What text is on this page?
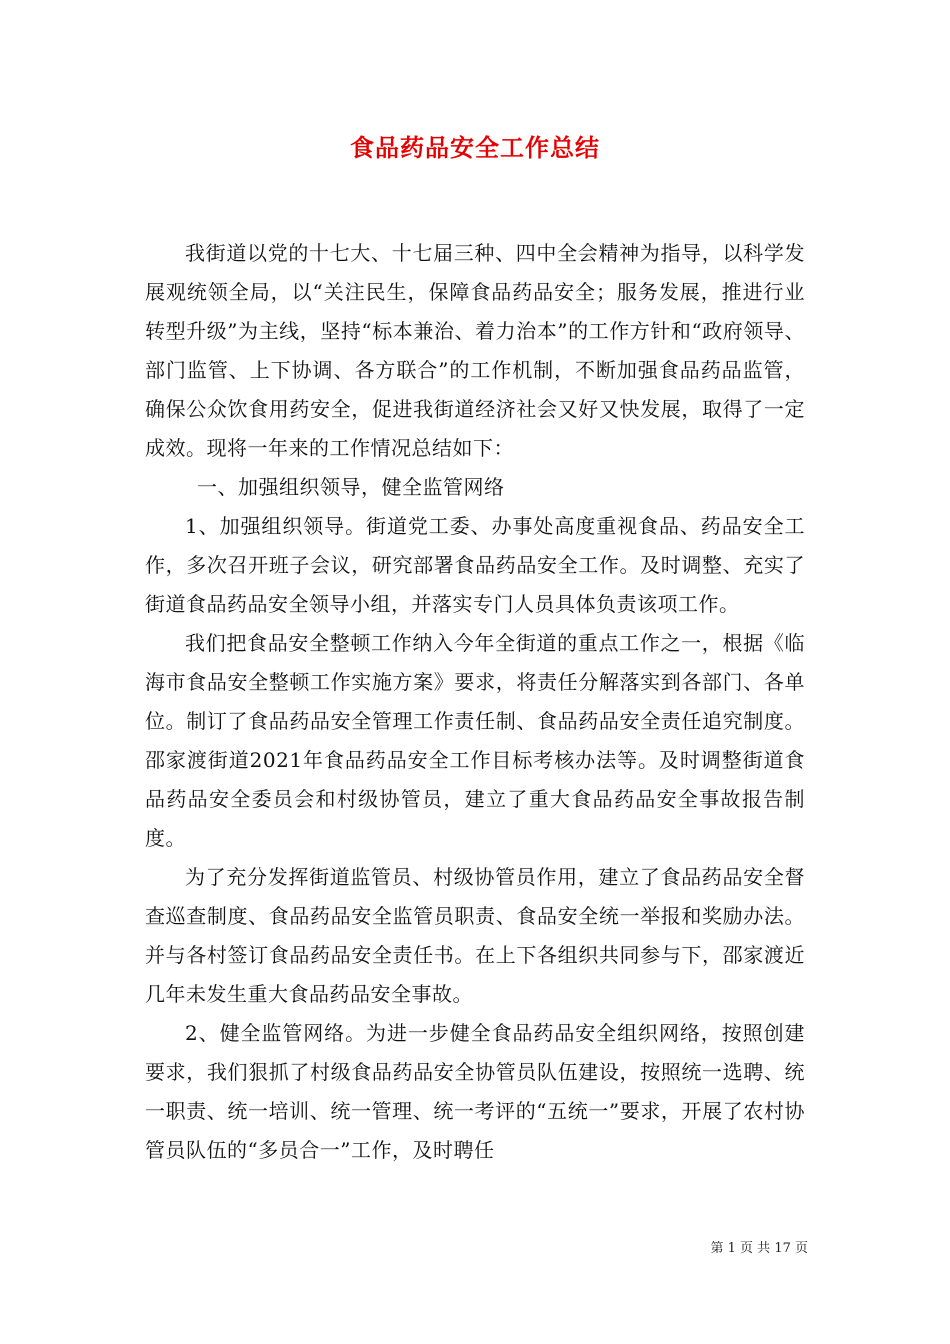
食品药品安全工作总结

我街道以党的十七大、十七届三种、四中全会精神为指导，以科学发展观统领全局，以“关注民生，保障食品药品安全；服务发展，推进行业转型升级”为主线，坚持“标本兼治、着力治本”的工作方针和“政府领导、部门监管、上下协调、各方联合”的工作机制，不断加强食品药品监管，确保公众饮食用药安全，促进我街道经济社会又好又快发展，取得了一定成效。现将一年来的工作情况总结如下：

一、加强组织领导，健全监管网络

1、加强组织领导。街道党工委、办事处高度重视食品、药品安全工作，多次召开班子会议，研究部署食品药品安全工作。及时调整、充实了街道食品药品安全领导小组，并落实专门人员具体负责该项工作。

我们把食品安全整顿工作纳入今年全街道的重点工作之一，根据《临海市食品安全整顿工作实施方案》要求，将责任分解落实到各部门、各单位。制订了食品药品安全管理工作责任制、食品药品安全责任追究制度。邵家渡街道2021年食品药品安全工作目标考核办法等。及时调整街道食品药品安全委员会和村级协管员，建立了重大食品药品安全事故报告制度。

为了充分发挥街道监管员、村级协管员作用，建立了食品药品安全督查巡查制度、食品药品安全监管员职责、食品安全统一举报和奖励办法。并与各村签订食品药品安全责任书。在上下各组织共同参与下，邵家渡近几年未发生重大食品药品安全事故。

2、健全监管网络。为进一步健全食品药品安全组织网络，按照创建要求，我们狠抓了村级食品药品安全协管员队伍建设，按照统一选聘、统一职责、统一培训、统一管理、统一考评的“五统一”要求，开展了农村协管员队伍的“多员合一”工作，及时聘任

第 1 页 共 17 页
